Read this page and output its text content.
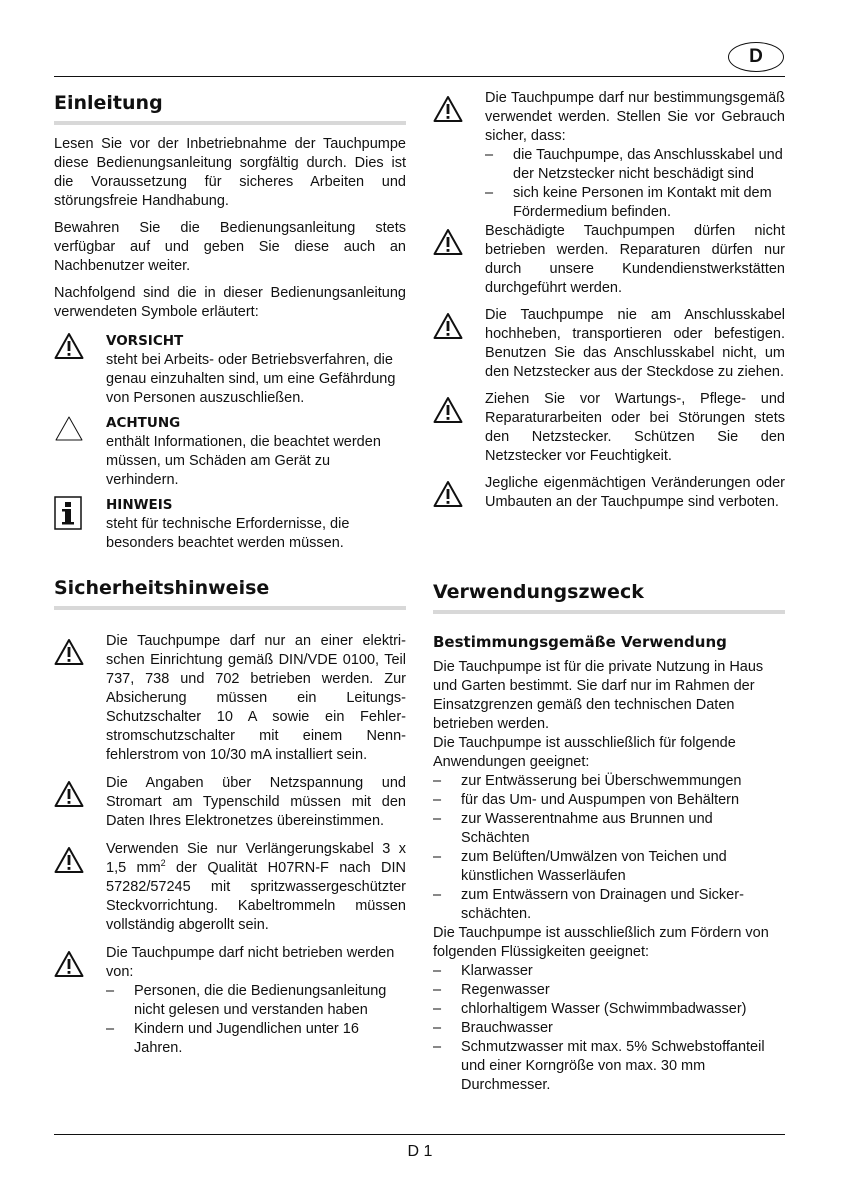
D
Einleitung

Lesen Sie vor der Inbetriebnahme der Tauchpumpe diese Bedienungsanleitung sorgfältig durch. Dies ist die Voraussetzung für sicheres Arbeiten und störungsfreie Handhabung.

Bewahren Sie die Bedienungsanleitung stets verfügbar auf und geben Sie diese auch an Nachbenutzer weiter.

Nachfolgend sind die in dieser Bedienungsanleitung verwendeten Symbole erläutert:

VORSICHT
steht bei Arbeits- oder Betriebsverfahren, die genau einzuhalten sind, um eine Gefährdung von Personen auszuschließen.
ACHTUNG
enthält Informationen, die beachtet werden müssen, um Schäden am Gerät zu verhindern.
HINWEIS
steht für technische Erfordernisse, die besonders beachtet werden müssen.
Sicherheitshinweise

Die Tauchpumpe darf nur an einer elektrischen Einrichtung gemäß DIN/VDE 0100, Teil 737, 738 und 702 betrieben werden. Zur Absicherung müssen ein Leitungs-Schutzschalter 10 A sowie ein Fehlerstromschutzschalter mit einem Nennfehlerstrom von 10/30 mA installiert sein.

Die Angaben über Netzspannung und Stromart am Typenschild müssen mit den Daten Ihres Elektronetzes übereinstimmen.

Verwenden Sie nur Verlängerungskabel 3 x 1,5 $mm^2$ der Qualität H07RN-F nach DIN 57282/57245 mit spritzwassergeschützter Steckvorrichtung. Kabeltrommeln müssen vollständig abgerollt sein.

Die Tauchpumpe darf nicht betrieben werden von:

– Personen, die die Bedienungsanleitung nicht gelesen und verstanden haben
– Kindern und Jugendlichen unter 16 Jahren.

Die Tauchpumpe darf nur bestimmungsgemäß verwendet werden. Stellen Sie vor Gebrauch sicher, dass:

– die Tauchpumpe, das Anschlusskabel und der Netzstecker nicht beschädigt sind
– sich keine Personen im Kontakt mit dem Fördermedium befinden.

Beschädigte Tauchpumpen dürfen nicht betrieben werden. Reparaturen dürfen nur durch unsere Kundendienstwerkstätten durchgeführt werden.

Die Tauchpumpe nie am Anschlusskabel hochheben, transportieren oder befestigen. Benutzen Sie das Anschlusskabel nicht, um den Netzstecker aus der Steckdose zu ziehen.

Ziehen Sie vor Wartungs-, Pflege- und Reparaturarbeiten oder bei Störungen stets den Netzstecker. Schützen Sie den Netzstecker vor Feuchtigkeit.

Jegliche eigenmächtigen Veränderungen oder Umbauten an der Tauchpumpe sind verboten.

Verwendungszweck
Bestimmungsgemäße Verwendung

Die Tauchpumpe ist für die private Nutzung in Haus und Garten bestimmt. Sie darf nur im Rahmen der Einsatzgrenzen gemäß den technischen Daten betrieben werden.

Die Tauchpumpe ist ausschließlich für folgende Anwendungen geeignet:

– zur Entwässerung bei Überschwemmungen
– für das Um- und Auspumpen von Behältern
– zur Wasserentnahme aus Brunnen und Schächten
– zum Belüften/Umwälzen von Teichen und künstlichen Wasserläufen
– zum Entwässern von Drainagen und Sickerschächten.

Die Tauchpumpe ist ausschließlich zum Fördern von folgenden Flüssigkeiten geeignet:

– Klarwasser
– Regenwasser
– chlorhaltigem Wasser (Schwimmbadwasser)
– Brauchwasser
– Schmutzwasser mit max. 5% Schwebstoffanteil und einer Korngröße von max. 30 mm Durchmesser.
D 1
